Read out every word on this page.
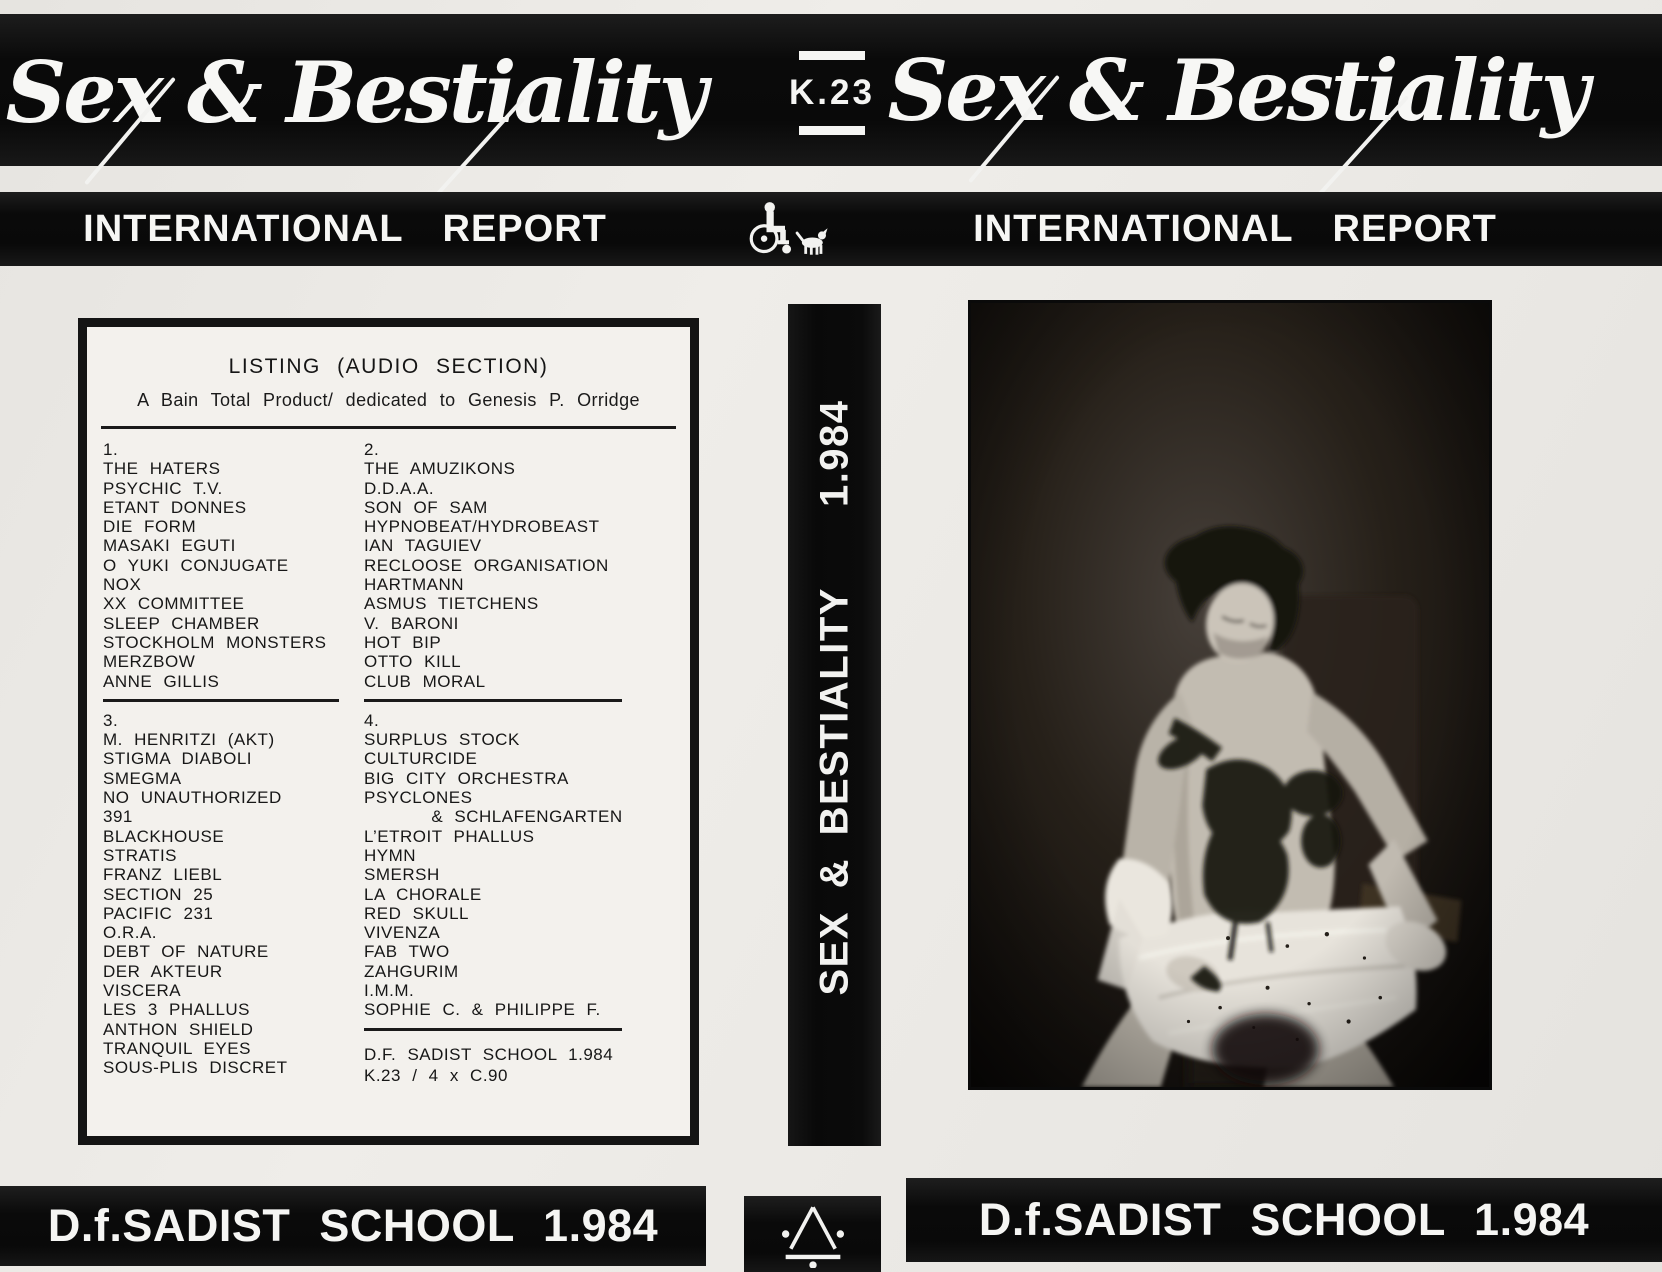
Sex & Bestiality Sex & Bestiality
K.23
INTERNATIONAL REPORT	INTERNATIONAL REPORT
LISTING (AUDIO SECTION)
A Bain Total Product/ dedicated to Genesis P. Orridge
1.
THE HATERS
PSYCHIC T.V.
ETANT DONNES
DIE FORM
MASAKI EGUTI
O YUKI CONJUGATE
NOX
XX COMMITTEE
SLEEP CHAMBER
STOCKHOLM MONSTERS
MERZBOW
ANNE GILLIS
3.
M. HENRITZI (AKT)
STIGMA DIABOLI
SMEGMA
NO UNAUTHORIZED
391
BLACKHOUSE
STRATIS
FRANZ LIEBL
SECTION 25
PACIFIC 231
O.R.A.
DEBT OF NATURE
DER AKTEUR
VISCERA
LES 3 PHALLUS
ANTHON SHIELD
TRANQUIL EYES
SOUS-PLIS DISCRET
2.
THE AMUZIKONS
D.D.A.A.
SON OF SAM
HYPNOBEAT/HYDROBEAST
IAN TAGUIEV
RECLOOSE ORGANISATION
HARTMANN
ASMUS TIETCHENS
V. BARONI
HOT BIP
OTTO KILL
CLUB MORAL
4.
SURPLUS STOCK
CULTURCIDE
BIG CITY ORCHESTRA
PSYCLONES
& SCHLAFENGARTEN
L’ETROIT PHALLUS
HYMN
SMERSH
LA CHORALE
RED SKULL
VIVENZA
FAB TWO
ZAHGURIM
I.M.M.
SOPHIE C. & PHILIPPE F.
D.F. SADIST SCHOOL 1.984
K.23 / 4 x C.90
SEX & BESTIALITY
1.984
D.f.SADIST SCHOOL 1.984	D.f.SADIST SCHOOL 1.984
